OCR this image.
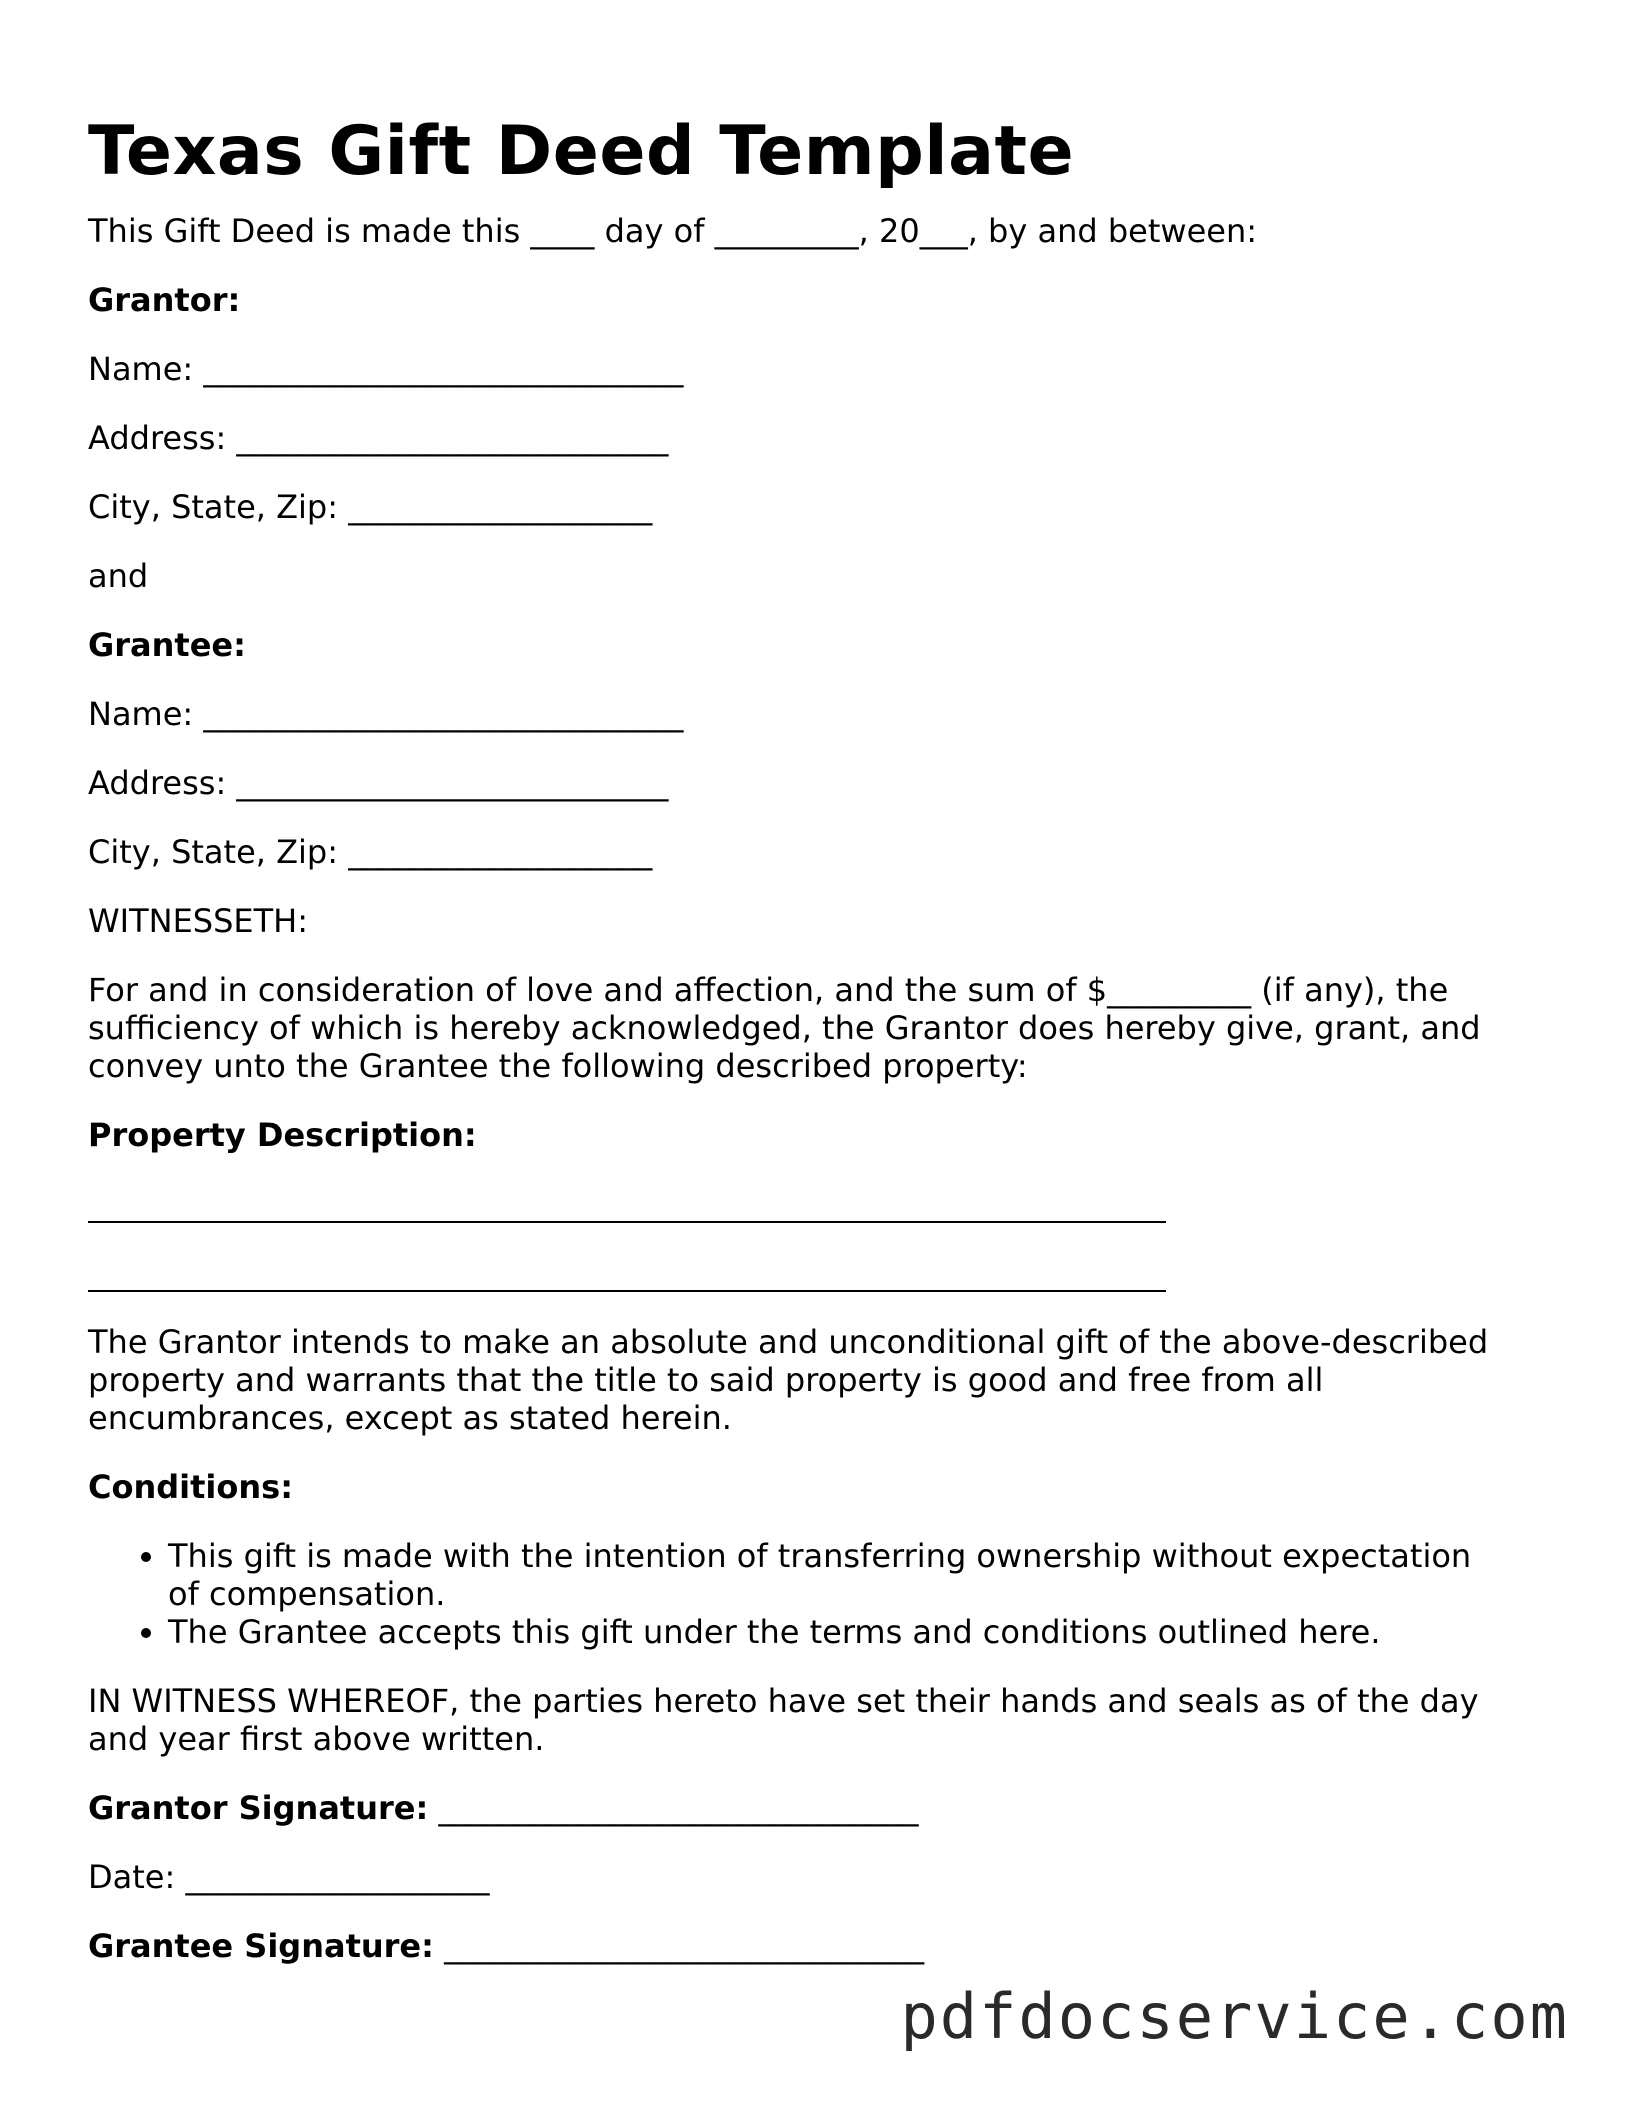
Texas Gift Deed Template
This Gift Deed is made this ____ day of _________, 20___, by and between:
Grantor:
Name: ______________________________
Address: ___________________________
City, State, Zip: ___________________
and
Grantee:
Name: ______________________________
Address: ___________________________
City, State, Zip: ___________________
WITNESSETH:
For and in consideration of love and affection, and the sum of $_________ (if any), the sufficiency of which is hereby acknowledged, the Grantor does hereby give, grant, and convey unto the Grantee the following described property:
Property Description:
The Grantor intends to make an absolute and unconditional gift of the above-described property and warrants that the title to said property is good and free from all encumbrances, except as stated herein.
Conditions:
• This gift is made with the intention of transferring ownership without expectation of compensation.
• The Grantee accepts this gift under the terms and conditions outlined here.
IN WITNESS WHEREOF, the parties hereto have set their hands and seals as of the day and year first above written.
Grantor Signature: ______________________________
Date: ___________________
Grantee Signature: ______________________________
pdfdocservice.com
